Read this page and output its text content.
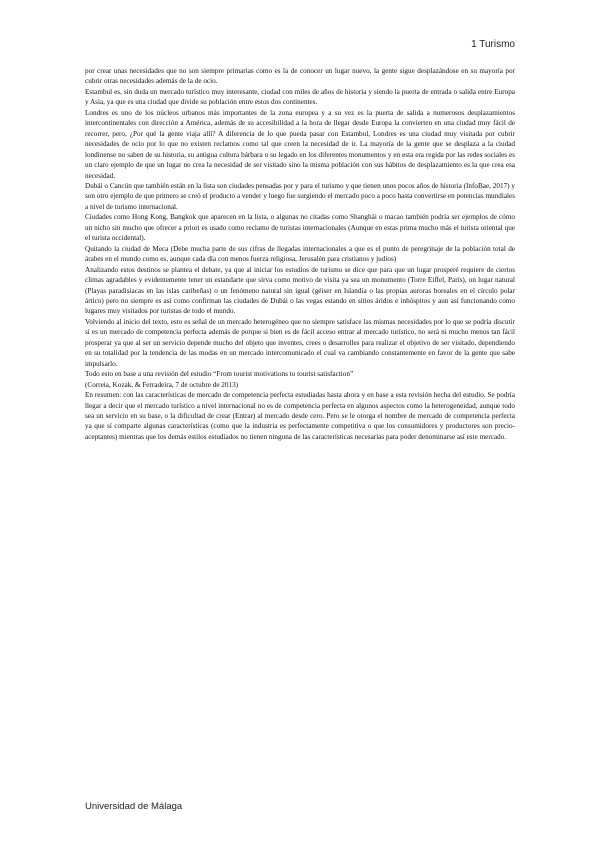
1 Turismo

por crear unas necesidades que no son siempre primarias como es la de conocer un lugar nuevo, la gente sigue desplazándose en su mayoría por cubrir otras necesidades además de la de ocio.

Estambul es, sin duda un mercado turístico muy interesante, ciudad con miles de años de historia y siendo la puerta de entrada o salida entre Europa y Asia, ya que es una ciudad que divide su población entre estos dos continentes.

Londres es uno de los núcleos urbanos más importantes de la zona europea y a su vez es la puerta de salida a numerosos desplazamientos intercontinentales con dirección a América, además de su accesibilidad a la hora de llegar desde Europa la convierten en una ciudad muy fácil de recorrer, pero, ¿Por qué la gente viaja allí? A diferencia de lo que pueda pasar con Estambul, Londres es una ciudad muy visitada por cubrir necesidades de ocio por lo que no existen reclamos como tal que creen la necesidad de ir. La mayoría de la gente que se desplaza a la ciudad londinense no saben de su historia, su antigua cultura bárbara o su legado en los diferentes monumentos y en esta era regida por las redes sociales es un claro ejemplo de que un lugar no crea la necesidad de ser visitado sino la misma población con sus hábitos de desplazamiento es la que crea esa necesidad.

Dubái o Cancún que también están en la lista son ciudades pensadas por y para el turismo y que tienen unos pocos años de historia (InfoBae, 2017) y son otro ejemplo de que primero se creó el producto a vender y luego fue surgiendo el mercado poco a poco hasta convertirse en potencias mundiales a nivel de turismo internacional.

Ciudades como Hong Kong, Bangkok que aparecen en la lista, o algunas no citadas como Shanghái o macao también podría ser ejemplos de cómo un nicho sin mucho que ofrecer a priori es usado como reclamo de turistas internacionales (Aunque en estas prima mucho más el turista oriental que el turista occidental).

Quitando la ciudad de Meca (Debe mucha parte de sus cifras de llegadas internacionales a que es el punto de peregrinaje de la población total de árabes en el mundo como es, aunque cada día con menos fuerza religiosa, Jerusalén para cristianos y judíos)

Analizando estos destinos se plantea el debate, ya que al iniciar los estudios de turismo se dice que para que un lugar prosperé requiere de ciertos climas agradables y evidentemente tener un estandarte que sirva como motivo de visita ya sea un monumento (Torre Eiffel, París), un lugar natural (Playas paradisiacas en las islas caribeñas) o un fenómeno natural sin igual (géiser en Islandia o las propias auroras boreales en el círculo polar ártico) pero no siempre es así como confirman las ciudades de Dubái o las vegas estando en sitios áridos e inhóspitos y aun así funcionando como lugares muy visitados por turistas de todo el mundo.

Volviendo al inicio del texto, esto es señal de un mercado heterogéneo que no siempre satisface las mismas necesidades por lo que se podría discutir si es un mercado de competencia perfecta además de porque si bien es de fácil acceso entrar al mercado turístico, no será ni mucho menos tan fácil prosperar ya que al ser un servicio depende mucho del objeto que inventes, crees o desarrolles para realizar el objetivo de ser visitado, dependiendo en su totalidad por la tendencia de las modas en un mercado intercomunicado el cual va cambiando constantemente en favor de la gente que sabe impulsarlo.

Todo esto en base a una revisión del estudio “From tourist motivations to tourist satisfaction”

(Correia, Kozak, & Ferradeira, 7 de octubre de 2013)

En resumen: con las características de mercado de competencia perfecta estudiadas hasta ahora y en base a esta revisión hecha del estudio. Se podría llegar a decir que el mercado turístico a nivel internacional no es de competencia perfecta en algunos aspectos como la heterogeneidad, aunque todo sea un servicio en su base, o la dificultad de crear (Entrar) al mercado desde cero. Pero se le otorga el nombre de mercado de competencia perfecta ya que sí comparte algunas características (como que la industria es perfectamente competitiva o que los consumidores y productores son precio-aceptantes) mientras que los demás estilos estudiados no tienen ninguna de las características necesarias para poder denominarse así este mercado.

Universidad de Málaga
